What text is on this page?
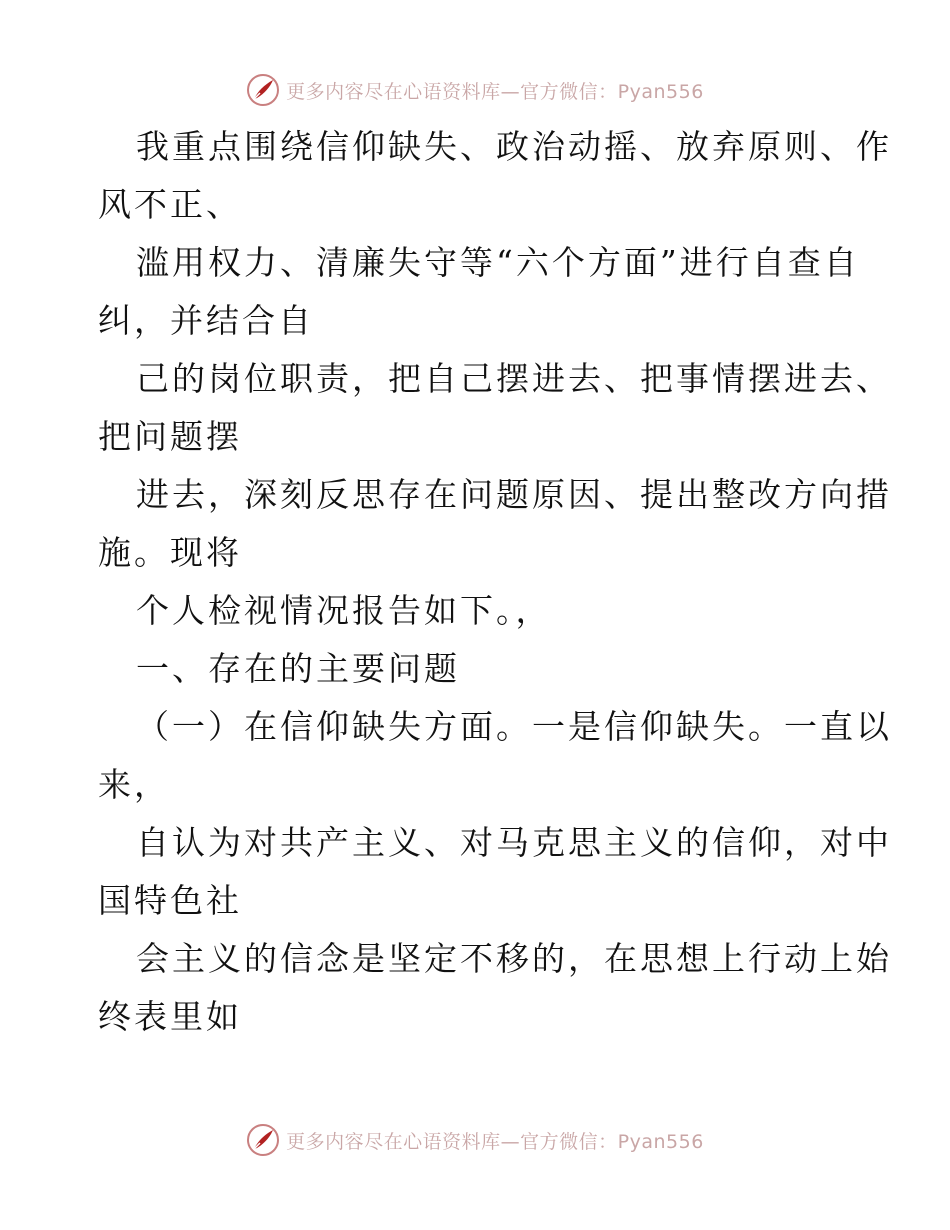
更多内容尽在心语资料库—官方微信：Pyan556
我重点围绕信仰缺失、政治动摇、放弃原则、作
风不正、
滥用权力、清廉失守等“六个方面”进行自查自
纠，并结合自
己的岗位职责，把自己摆进去、把事情摆进去、
把问题摆
进去，深刻反思存在问题原因、提出整改方向措
施。现将
个人检视情况报告如下。，
一、存在的主要问题
（一）在信仰缺失方面。一是信仰缺失。一直以
来，
自认为对共产主义、对马克思主义的信仰，对中
国特色社
会主义的信念是坚定不移的，在思想上行动上始
终表里如
更多内容尽在心语资料库—官方微信：Pyan556
